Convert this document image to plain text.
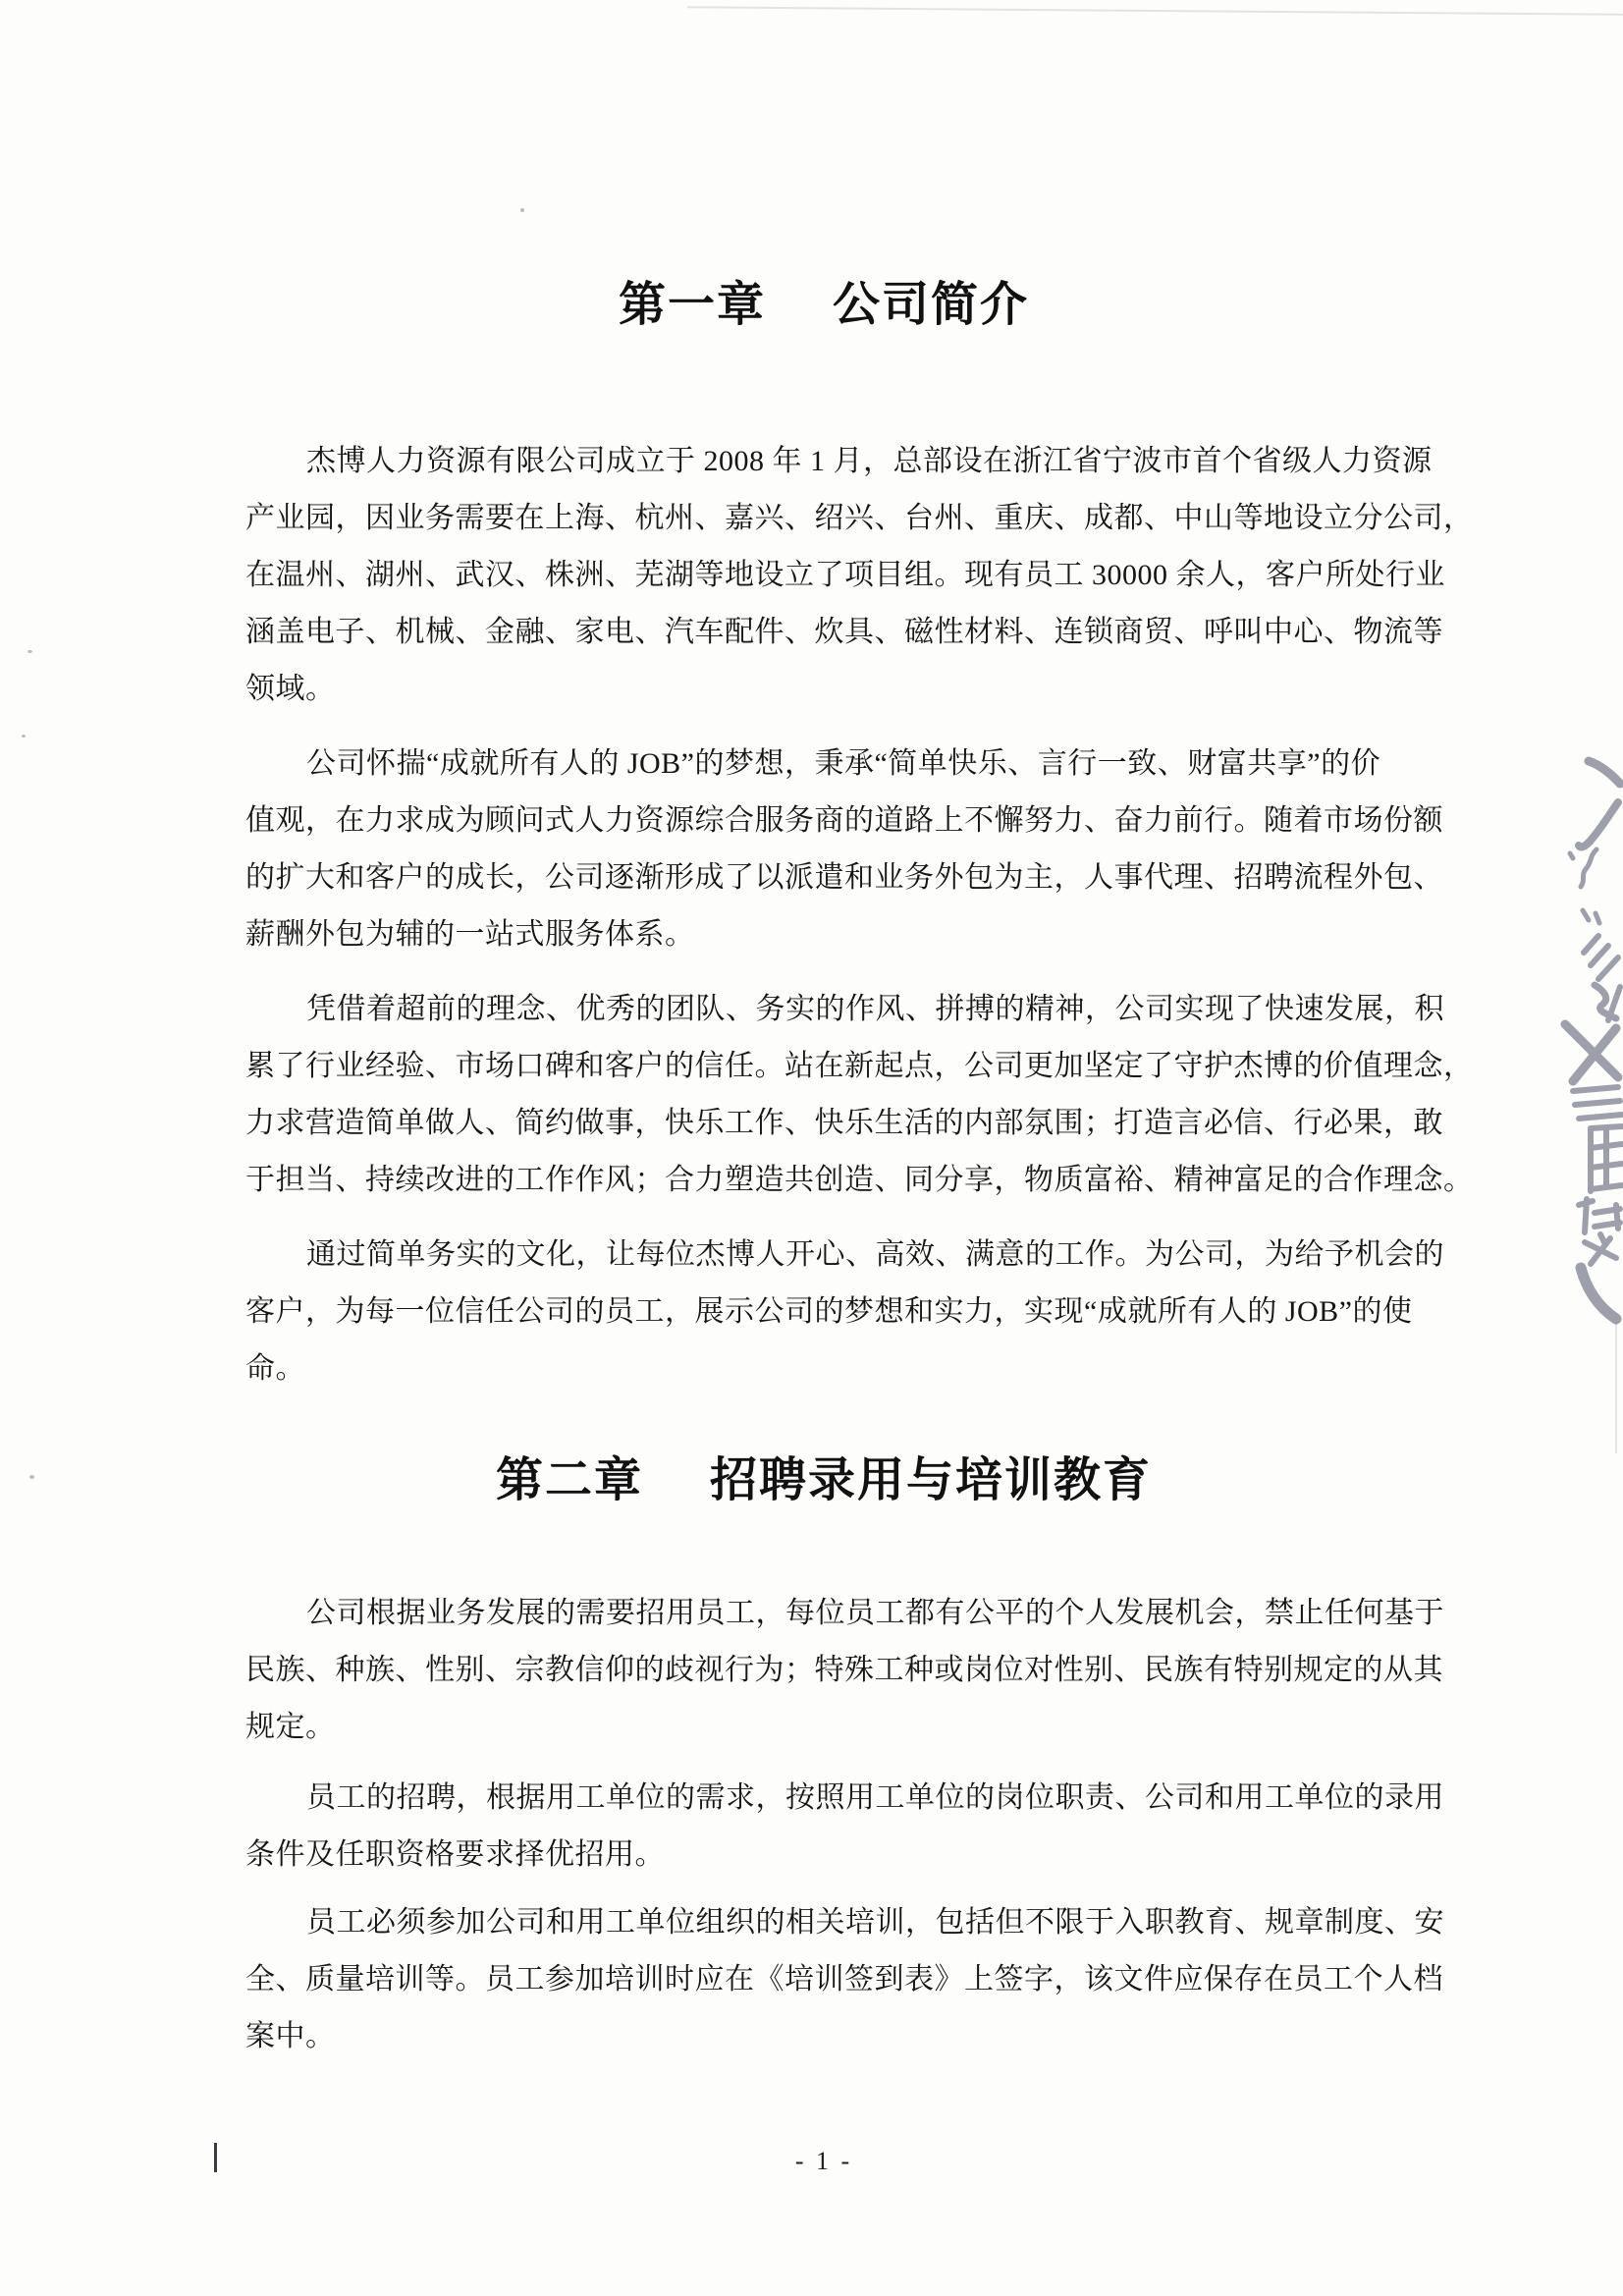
第一章 公司简介
杰博人力资源有限公司成立于 2008 年 1 月，总部设在浙江省宁波市首个省级人力资源
产业园，因业务需要在上海、杭州、嘉兴、绍兴、台州、重庆、成都、中山等地设立分公司，
在温州、湖州、武汉、株洲、芜湖等地设立了项目组。现有员工 30000 余人，客户所处行业
涵盖电子、机械、金融、家电、汽车配件、炊具、磁性材料、连锁商贸、呼叫中心、物流等
领域。
公司怀揣“成就所有人的 JOB”的梦想，秉承“简单快乐、言行一致、财富共享”的价
值观，在力求成为顾问式人力资源综合服务商的道路上不懈努力、奋力前行。随着市场份额
的扩大和客户的成长，公司逐渐形成了以派遣和业务外包为主，人事代理、招聘流程外包、
薪酬外包为辅的一站式服务体系。
凭借着超前的理念、优秀的团队、务实的作风、拼搏的精神，公司实现了快速发展，积
累了行业经验、市场口碑和客户的信任。站在新起点，公司更加坚定了守护杰博的价值理念，
力求营造简单做人、简约做事，快乐工作、快乐生活的内部氛围；打造言必信、行必果，敢
于担当、持续改进的工作作风；合力塑造共创造、同分享，物质富裕、精神富足的合作理念。
通过简单务实的文化，让每位杰博人开心、高效、满意的工作。为公司，为给予机会的
客户，为每一位信任公司的员工，展示公司的梦想和实力，实现“成就所有人的 JOB”的使
命。
第二章 招聘录用与培训教育
公司根据业务发展的需要招用员工，每位员工都有公平的个人发展机会，禁止任何基于
民族、种族、性别、宗教信仰的歧视行为；特殊工种或岗位对性别、民族有特别规定的从其
规定。
员工的招聘，根据用工单位的需求，按照用工单位的岗位职责、公司和用工单位的录用
条件及任职资格要求择优招用。
员工必须参加公司和用工单位组织的相关培训，包括但不限于入职教育、规章制度、安
全、质量培训等。员工参加培训时应在《培训签到表》上签字，该文件应保存在员工个人档
案中。
- 1 -
